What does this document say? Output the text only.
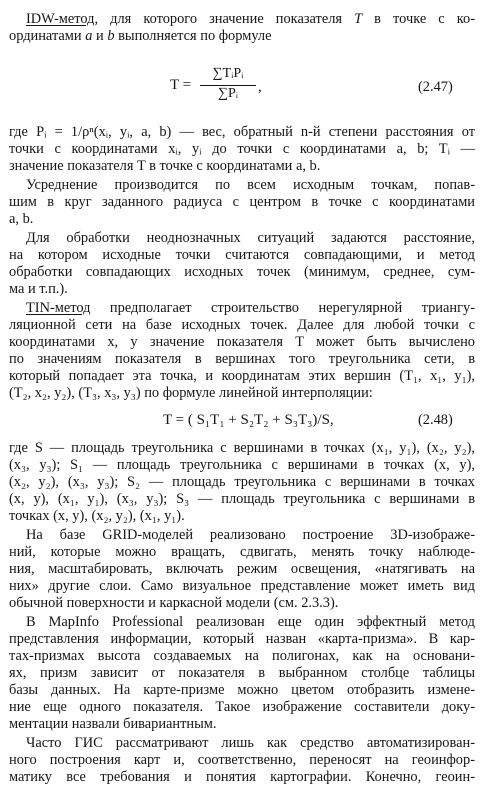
IDW-метод, для которого значение показателя T в точке с ко-
ординатами a и b выполняется по формуле
T =
∑TᵢPᵢ
∑Pᵢ	,	(2.47)
где Pᵢ = 1/ρⁿ(xᵢ, yᵢ, a, b) — вес, обратный n-й степени расстояния от
точки с координатами xᵢ, yᵢ до точки с координатами a, b; Tᵢ —
значение показателя T в точке с координатами a, b.
Усреднение производится по всем исходным точкам, попав-
шим в круг заданного радиуса с центром в точке с координатами
a, b.
Для обработки неоднозначных ситуаций задаются расстояние,
на котором исходные точки считаются совпадающими, и метод
обработки совпадающих исходных точек (минимум, среднее, сум-
ма и т.п.).
TIN-метод предполагает строительство нерегулярной триангу-
ляционной сети на базе исходных точек. Далее для любой точки с
координатами x, y значение показателя T может быть вычислено
по значениям показателя в вершинах того треугольника сети, в
который попадает эта точка, и координатам этих вершин (T₁, x₁, y₁),
(T₂, x₂, y₂), (T₃, x₃, y₃) по формуле линейной интерполяции:
T = ( S₁T₁ + S₂T₂ + S₃T₃)/S,	(2.48)
где S — площадь треугольника с вершинами в точках (x₁, y₁), (x₂, y₂),
(x₃, y₃); S₁ — площадь треугольника с вершинами в точках (x, y),
(x₂, y₂), (x₃, y₃); S₂ — площадь треугольника с вершинами в точках
(x, y), (x₁, y₁), (x₃, y₃); S₃ — площадь треугольника с вершинами в
точках (x, y), (x₂, y₂), (x₁, y₁).
На базе GRID-моделей реализовано построение 3D-изображе-
ний, которые можно вращать, сдвигать, менять точку наблюде-
ния, масштабировать, включать режим освещения, «натягивать на
них» другие слои. Само визуальное представление может иметь вид
обычной поверхности и каркасной модели (см. 2.3.3).
В MapInfo Professional реализован еще один эффектный метод
представления информации, который назван «карта-призма». В кар-
тах-призмах высота создаваемых на полигонах, как на основани-
ях, призм зависит от показателя в выбранном столбце таблицы
базы данных. На карте-призме можно цветом отобразить измене-
ние еще одного показателя. Такое изображение составители доку-
ментации назвали бивариантным.
Часто ГИС рассматривают лишь как средство автоматизирован-
ного построения карт и, соответственно, переносят на геоинфор-
матику все требования и понятия картографии. Конечно, геоин-
